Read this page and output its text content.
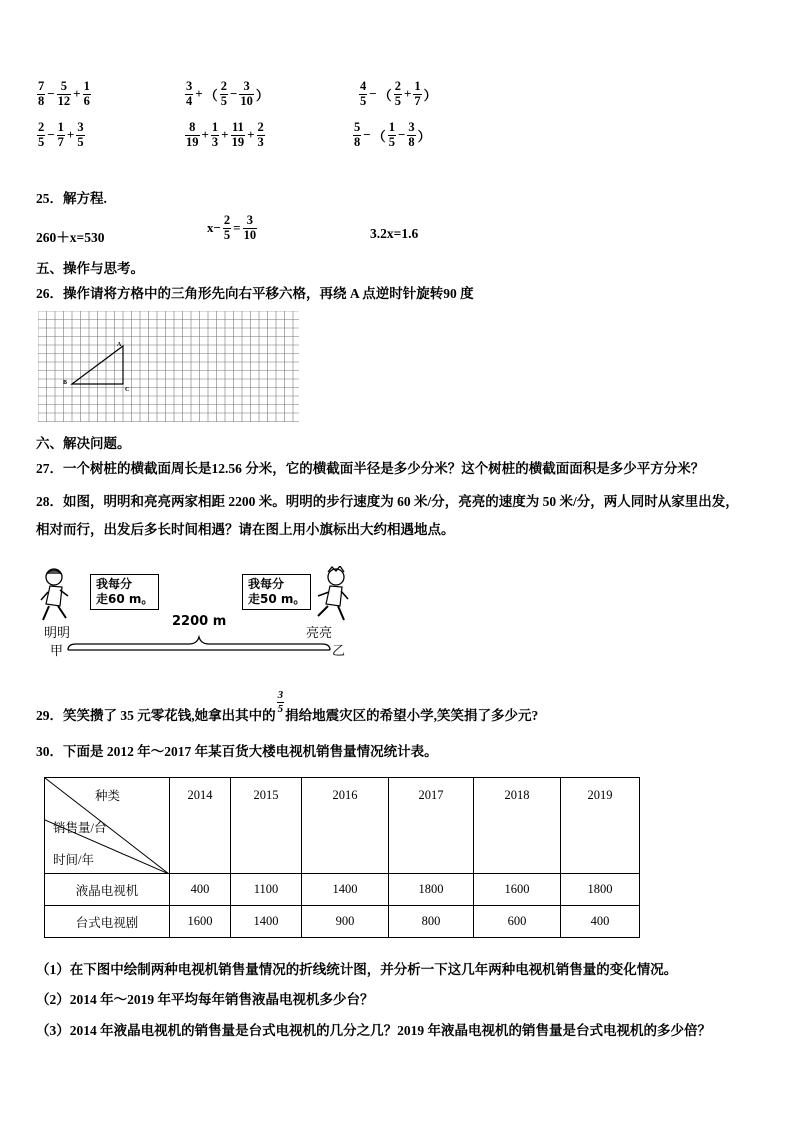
$\frac{7}{8} - \frac{5}{12} + \frac{1}{6}$	$\frac{3}{4}$ + （ $\frac{2}{5} - \frac{3}{10}$ ）	$\frac{4}{5}$ − （ $\frac{2}{5} + \frac{1}{7}$ ）
$\frac{2}{5} - \frac{1}{7} + \frac{3}{5}$	$\frac{8}{19} + \frac{1}{3} + \frac{11}{19} + \frac{2}{3}$	$\frac{5}{8}$ − （ $\frac{1}{5} - \frac{3}{8}$ ）
25．解方程.
260＋x=530
$x- \frac{2}{5} = \frac{3}{10}$	3.2x=1.6
五、操作与思考。
26．操作请将方格中的三角形先向右平移六格，再绕 A 点逆时针旋转90 度
A
B
C
六、解决问题。
27．一个树桩的横截面周长是12.56 分米，它的横截面半径是多少分米？这个树桩的横截面面积是多少平方分米？
28．如图，明明和亮亮两家相距 2200 米。明明的步行速度为 60 米/分，亮亮的速度为 50 米/分，两人同时从家里出发，
相对而行，出发后多长时间相遇？请在图上用小旗标出大约相遇地点。
我每分
走60 m。
我每分
走50 m。
2200 m
明明	亮亮
甲	乙
29．笑笑攒了 35 元零花钱,她拿出其中的
$\frac{3}{5}$
捐给地震灾区的希望小学,笑笑捐了多少元?
30．下面是 2012 年～2017 年某百货大楼电视机销售量情况统计表。
种类
销售量/台
时间/年	2014	2015	2016	2017	2018	2019
液晶电视机	400	1100	1400	1800	1600	1800
台式电视剧	1600	1400	900	800	600	400
（1）在下图中绘制两种电视机销售量情况的折线统计图，并分析一下这几年两种电视机销售量的变化情况。
（2）2014 年～2019 年平均每年销售液晶电视机多少台？
（3）2014 年液晶电视机的销售量是台式电视机的几分之几？2019 年液晶电视机的销售量是台式电视机的多少倍？
